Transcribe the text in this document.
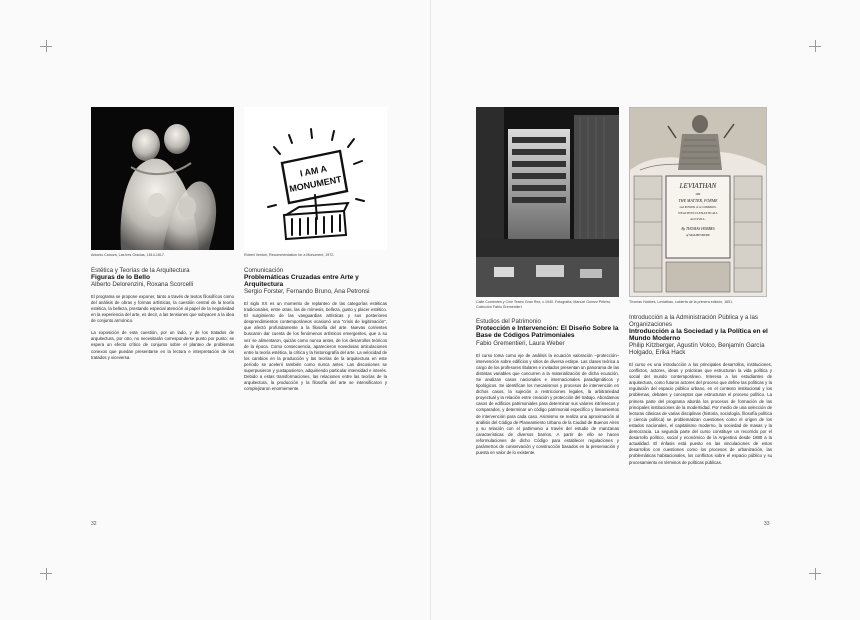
Antonio Canova, Las tres Gracias, 1814-1817.
Estética y Teorías de la Arquitectura
Figuras de lo Bello
Alberto Delorenzini, Roxana Scorcelli

El programa se propone exponer, tanto a través de textos filosóficos como del análisis de obras y formas artísticas, la cuestión central de la teoría estética, la belleza, prestando especial atención al papel de la negatividad en la experiencia del arte, es decir, a las tensiones que subyacen a la idea de conjunto armónico.

La exposición de esta cuestión, por un lado, y de los tratados de arquitectura, por otro, no necesitarán corresponderse punto por punto: se espera un efecto crítico de conjunto sobre el planteo de problemas conexos que puedan presentarse en la lectura e interpretación de los tratados y viceversa.

I AM A
MONUMENT
Robert Venturi, Recommendation for a Monument, 1972.
Comunicación
Problemáticas Cruzadas entre Arte y Arquitectura
Sergio Forster, Fernando Bruno, Ana Petronsi

El siglo XX es un momento de replanteo de las categorías estéticas tradicionales, entre otras, las de mímesis, belleza, gusto y placer estético. El surgimiento de las vanguardias artísticas y sus posteriores desprendimientos contemporáneos ocasionó una "crisis de legitimación", que afectó profundamente a la filosofía del arte. Nuevas corrientes buscaron dar cuenta de los fenómenos artísticos emergentes, que a su vez se alimentaron, quizás como nunca antes, de los desarrollos teóricos de la época. Como consecuencia, aparecieron novedosas articulaciones entre la teoría estética, la crítica y la historiografía del arte. La velocidad de los cambios en la producción y las teorías de la arquitectura en este período se aceleró también como nunca antes. Las discusiones se superpusieron y yuxtapusieron, adquiriendo particular intensidad e interés. Debido a estas transformaciones, las relaciones entre las teorías de la arquitectura, la producción y la filosofía del arte se intensificaron y complejizaron enormemente.

32
Calle Corrientes y Cine Teatro Gran Rex, c.1940. Fotografía: Manuel Gómez Piñeiro. Colección Fabio Grementieri.
Estudios del Patrimonio
Protección e Intervención: El Diseño Sobre la Base de Códigos Patrimoniales
Fabio Grementieri, Laura Weber

El curso toma como eje de análisis la ecuación valoración –protección–intervención sobre edificios y sitios de diversa estirpe. Las clases teórica a cargo de los profesores titulares e invitados presentan un panorama de las distintas variables que concurren a la materialización de dicha ecuación. Se analizan casos nacionales e internacionales paradigmáticos y tipológicos. Se identifican los mecanismos y procesos de intervención en dichos casos, la sujeción a restricciones legales, la arbitrariedad proyectual y la relación entre creación y protección del trabajo. Abordamos casos de edificios patrimoniales para determinar sus valores intrínsecos y comparados, y determinar un código patrimonial específico y lineamientos de intervención para cada caso. Asimismo se realiza una aproximación al análisis del Código de Planeamiento Urbano de la Ciudad de Buenos Aires y su relación con el patrimonio a través del estudio de manzanas características de diversos barrios. A partir de ello se hacen reformulaciones de dicho Código para establecer regulaciones y parámetros de conservación y construcción basados en la preservación y puesta en valor de lo existente.

LEVIATHAN
OR
THE MATTER, FORME
and POWER of A COMMON-
WEALTH ECCLESIASTICALL
and CIVILL.
By THOMAS HOBBES
of MALMESBURY.
Thomas Hobbes, Leviathan, cubierta de la primera edición, 1651.
Introducción a la Administración Pública y a las Organizaciones
Introducción a la Sociedad y la Política en el Mundo Moderno
Philip Kitzberger, Agustín Volco, Benjamín García Holgado, Erika Hack

El curso es una introducción a los principales desarrollos, instituciones, conflictos, actores, ideas y prácticas que estructuran la vida política y social del mundo contemporáneo. Interesa a los estudiantes de arquitectura, como futuros actores del proceso que define las políticas y la regulación del espacio público urbano, en el contexto institucional y los problemas, debates y conceptos que estructuran el proceso político. La primera parte del programa aborda los procesos de formación de las principales instituciones de la modernidad. Por medio de una selección de lecturas clásicas de varias disciplinas (historia, sociología, filosofía política y ciencia política) se problematizan cuestiones como el origen de los estados nacionales, el capitalismo moderno, la sociedad de masas y la democracia. La segunda parte del curso constituye un recorrido por el desarrollo político, social y económico de la Argentina desde 1880 a la actualidad. El énfasis está puesto en las vinculaciones de estos desarrollos con cuestiones como los procesos de urbanización, las problemáticas habitacionales, los conflictos sobre el espacio público y su procesamiento en términos de políticas públicas.

33
